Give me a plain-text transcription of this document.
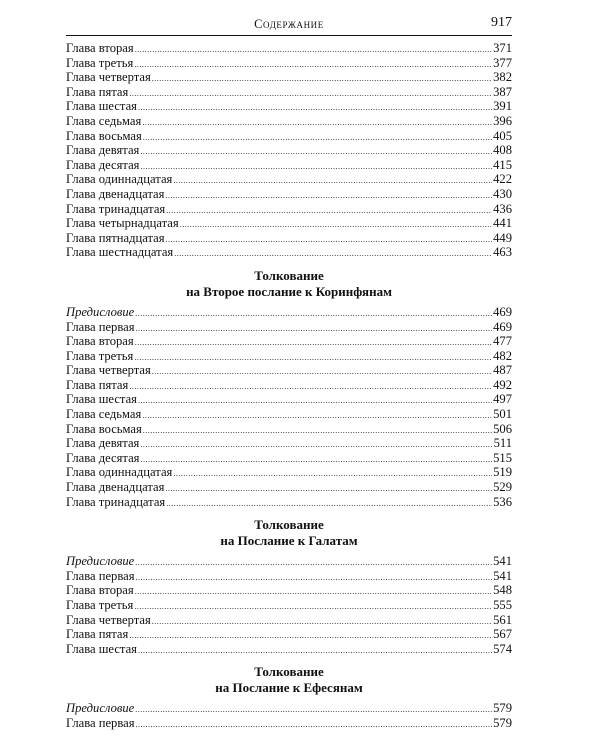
Содержание	917
Глава вторая .....	371
Глава третья .....	377
Глава четвертая .....	382
Глава пятая .....	387
Глава шестая .....	391
Глава седьмая .....	396
Глава восьмая .....	405
Глава девятая .....	408
Глава десятая .....	415
Глава одиннадцатая .....	422
Глава двенадцатая .....	430
Глава тринадцатая .....	436
Глава четырнадцатая .....	441
Глава пятнадцатая .....	449
Глава шестнадцатая .....	463
Толкование
на Второе послание к Коринфянам
Предисловие .....	469
Глава первая .....	469
Глава вторая .....	477
Глава третья .....	482
Глава четвертая .....	487
Глава пятая .....	492
Глава шестая .....	497
Глава седьмая .....	501
Глава восьмая .....	506
Глава девятая .....	511
Глава десятая .....	515
Глава одиннадцатая .....	519
Глава двенадцатая .....	529
Глава тринадцатая .....	536
Толкование
на Послание к Галатам
Предисловие .....	541
Глава первая .....	541
Глава вторая .....	548
Глава третья .....	555
Глава четвертая .....	561
Глава пятая .....	567
Глава шестая .....	574
Толкование
на Послание к Ефесянам
Предисловие .....	579
Глава первая .....	579
